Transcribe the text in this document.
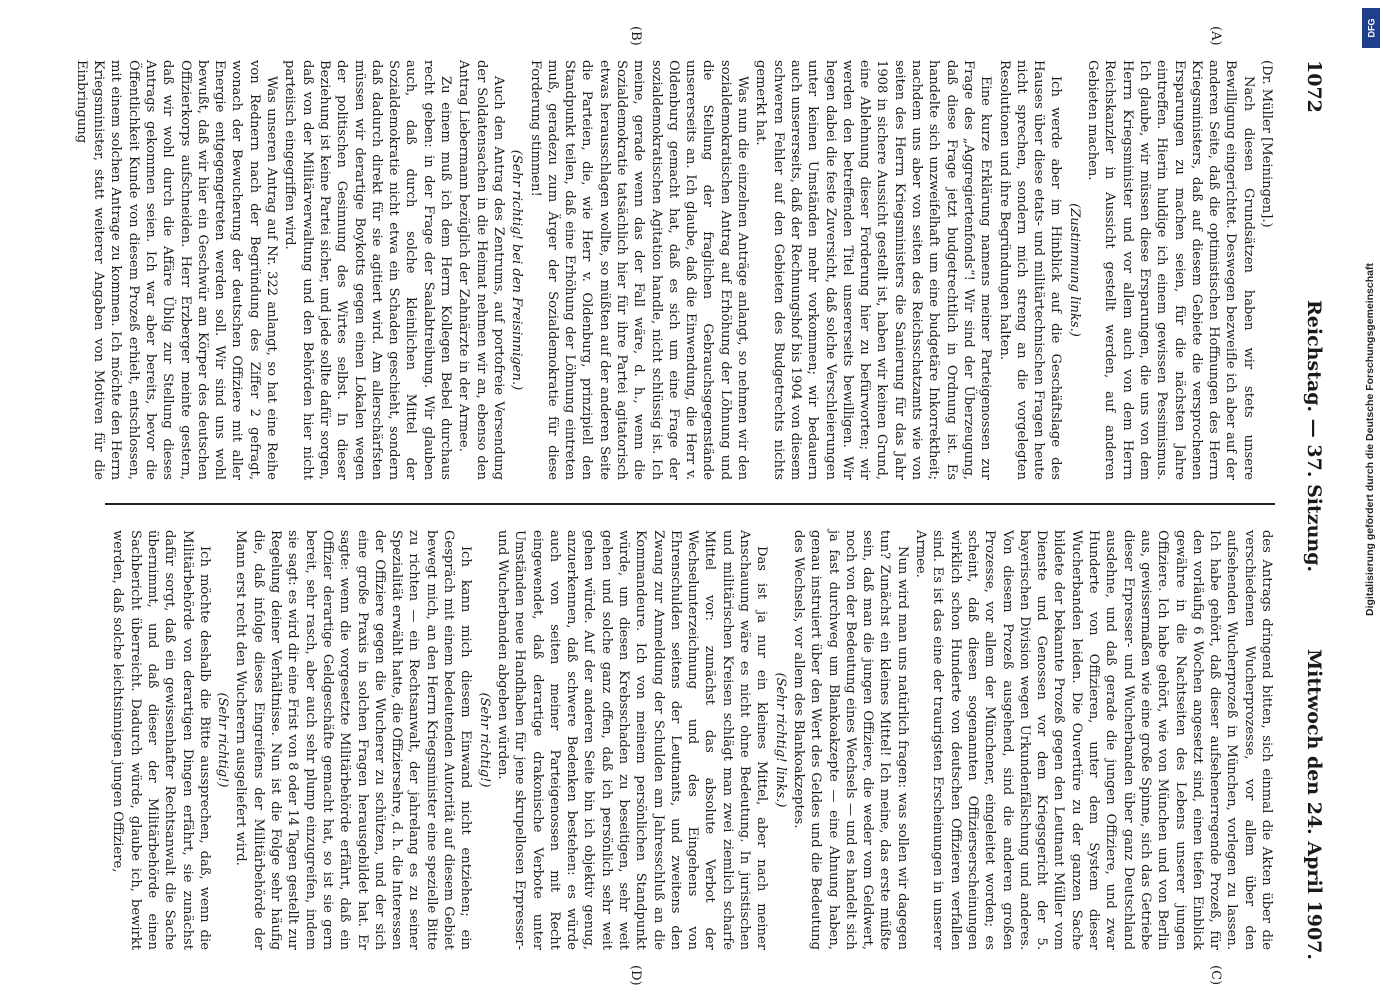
1072
Reichstag. — 37. Sitzung.
Mittwoch den 24. April 1907.
(A)
(B)
(C)
(D)

(Dr. Müller [Meiningen].)

Nach diesen Grundsätzen haben wir stets unsere Bewilligung eingerichtet. Deswegen bezweifle ich aber auf der anderen Seite, daß die optimistischen Hoffnungen des Herrn Kriegsministers, daß auf diesem Gebiete die versprochenen Ersparungen zu machen seien, für die nächsten Jahre eintreffen. Hierin huldige ich einem gewissen Pessimismus. Ich glaube, wir müssen diese Ersparungen, die uns von dem Herrn Kriegsminister und vor allem auch von dem Herrn Reichskanzler in Aussicht gestellt werden, auf anderen Gebieten machen.

(Zustimmung links.)

Ich werde aber im Hinblick auf die Geschäftslage des Hauses über diese etats- und militärtechnischen Fragen heute nicht sprechen, sondern mich streng an die vorgelegten Resolutionen und ihre Begründungen halten.

Eine kurze Erklärung namens meiner Parteigenossen zur Frage des „Aggregiertenfonds“! Wir sind der Überzeugung, daß diese Frage jetzt budgetrechtlich in Ordnung ist. Es handelte sich unzweifelhaft um eine budgetäre Inkorrektheit; nachdem uns aber von seiten des Reichsschatzamts wie von seiten des Herrn Kriegsministers die Sanierung für das Jahr 1908 in sichere Aussicht gestellt ist, haben wir keinen Grund, eine Ablehnung dieser Forderung hier zu befürworten; wir werden den betreffenden Titel unsererseits bewilligen. Wir hegen dabei die feste Zuversicht, daß solche Verschleierungen unter keinen Umständen mehr vorkommen; wir bedauern auch unsererseits, daß der Rechnungshof bis 1904 von diesem schweren Fehler auf den Gebieten des Budgetrechts nichts gemerkt hat.

Was nun die einzelnen Anträge anlangt, so nehmen wir den sozialdemokratischen Antrag auf Erhöhung der Löhnung und die Stellung der fraglichen Gebrauchsgegenstände unsererseits an. Ich glaube, daß die Einwendung, die Herr v. Oldenburg gemacht hat, daß es sich um eine Frage der sozialdemokratischen Agitation handle, nicht schlüssig ist. Ich meine, gerade wenn das der Fall wäre, d. h., wenn die Sozialdemokratie tatsächlich hier für ihre Partei agitatorisch etwas herausschlagen wollte, so müßten auf der anderen Seite die Parteien, die, wie Herr v. Oldenburg, prinzipiell den Standpunkt teilen, daß eine Erhöhung der Löhnung eintreten muß, geradezu zum Ärger der Sozialdemokratie für diese Forderung stimmen!

(Sehr richtig! bei den Freisinnigen.)

Auch den Antrag des Zentrums, auf portofreie Versendung der Soldatensachen in die Heimat nehmen wir an, ebenso den Antrag Liebermann bezüglich der Zahnärzte in der Armee.

Zu einem muß ich dem Herrn Kollegen Bebel durchaus recht geben: in der Frage der Saalabtreibung. Wir glauben auch, daß durch solche kleinlichen Mittel der Sozialdemokratie nicht etwa ein Schaden geschieht, sondern daß dadurch direkt für sie agitiert wird. Am allerschärfsten müssen wir derartige Boykotts gegen einen Lokalen wegen der politischen Gesinnung des Wirtes selbst. In dieser Beziehung ist keine Partei sicher, und jede sollte dafür sorgen, daß von der Militärverwaltung und den Behörden hier nicht parteiisch eingegriffen wird.

Was unseren Antrag auf Nr. 322 anlangt, so hat eine Reihe von Rednern nach der Begründung des Ziffer 2 gefragt, wonach der Bewucherung der deutschen Offiziere mit aller Energie entgegengetreten werden soll. Wir sind uns wohl bewußt, daß wir hier ein Geschwür am Körper des deutschen Offizierkorps aufschneiden. Herr Erzberger meinte gestern, daß wir wohl durch die Affäre Üblig zur Stellung dieses Antrags gekommen seien. Ich war aber bereits, bevor die Öffentlichkeit Kunde von diesem Prozeß erhielt, entschlossen, mit einem solchen Antrage zu kommen. Ich möchte den Herrn Kriegsminister, statt weiterer Angaben von Motiven für die Einbringung

des Antrags dringend bitten, sich einmal die Akten über die verschiedenen Wucherprozesse, vor allem über den aufsehenden Wucherprozeß in München, vorlegen zu lassen. Ich habe gehört, daß dieser aufsehenerregende Prozeß, für den vorläufig 6 Wochen angesetzt sind, einen tiefen Einblick gewähre in die Nachtseiten des Lebens unserer jungen Offiziere. Ich habe gehört, wie von München und von Berlin aus, gewissermaßen wie eine große Spinne, sich das Getriebe dieser Erpresser- und Wucherbanden über ganz Deutschland ausdehne, und daß gerade die jungen Offiziere, und zwar Hunderte von Offizieren, unter dem System dieser Wucherbanden leiden. Die Ouvertüre zu der ganzen Sache bildete der bekannte Prozeß gegen den Leutnant Müller vom Dienste und Genossen vor dem Kriegsgericht der 5. bayerischen Division wegen Urkundenfälschung und anderes. Von diesem Prozeß ausgehend, sind die anderen großen Prozesse, vor allem der Münchener, eingeleitet worden; es scheint, daß diesen sogenannten Offizierserscheinungen wirklich schon Hunderte von deutschen Offizieren verfallen sind. Es ist das eine der traurigsten Erscheinungen in unserer Armee.

Nun wird man uns natürlich fragen: was sollen wir dagegen tun? Zunächst ein kleines Mittel! Ich meine, das erste müßte sein, daß man die jungen Offiziere, die weder vom Geldwert, noch von der Bedeutung eines Wechsels — und es handelt sich ja fast durchweg um Blankoakzepte — eine Ahnung haben, genau instruiert über den Wert des Geldes und die Bedeutung des Wechsels, vor allem des Blankoakzeptes.

(Sehr richtig! links.)

Das ist ja nur ein kleines Mittel, aber nach meiner Anschauung wäre es nicht ohne Bedeutung. In juristischen und militärischen Kreisen schlägt man zwei ziemlich scharfe Mittel vor: zunächst das absolute Verbot der Wechselunterzeichnung und des Eingehens von Ehrenschulden seitens der Leutnants, und zweitens den Zwang zur Anmeldung der Schulden am Jahresschluß an die Kommandeure. Ich von meinem persönlichen Standpunkt würde, um diesen Krebsschaden zu beseitigen, sehr weit gehen und solche ganz offen, daß ich persönlich sehr weit gehen würde. Auf der anderen Seite bin ich objektiv genug, anzuerkennen, daß schwere Bedenken bestehen: es würde auch von seiten meiner Parteigenossen mit Recht eingewendet, daß derartige drakonische Verbote unter Umständen neue Handhaben für jene skrupellosen Erpresser- und Wucherbanden abgeben würden.

(Sehr richtig!)

Ich kann mich diesem Einwand nicht entziehen; ein Gespräch mit einem bedeutenden Autorität auf diesem Gebiet bewegt mich, an den Herrn Kriegsminister eine spezielle Bitte zu richten — ein Rechtsanwalt, der jahrelang es zu seiner Spezialität erwählt hatte, die Offiziersehre, d. h. die Interessen der Offiziere gegen die Wucherer zu schützen, und der sich eine große Praxis in solchen Fragen herausgebildet hat. Er sagte: wenn die vorgesetzte Militärbehörde erfährt, daß ein Offizier derartige Geldgeschäfte gemacht hat, so ist sie gern bereit, sehr rasch, aber auch sehr plump einzugreifen, indem sie sagt: es wird dir eine Frist von 8 oder 14 Tagen gestellt zur Regelung deiner Verhältnisse. Nun ist die Folge sehr häufig die, daß infolge dieses Eingreifens der Militärbehörde der Mann erst recht den Wucherern ausgeliefert wird.

(Sehr richtig!)

Ich möchte deshalb die Bitte aussprechen, daß, wenn die Militärbehörde von derartigen Dingen erfährt, sie zunächst dafür sorgt, daß ein gewissenhafter Rechtsanwalt die Sache übernimmt, und daß dieser der Militärbehörde einen Sachbericht überreicht. Dadurch würde, glaube ich, bewirkt werden, daß solche leichtsinnigen jungen Offiziere,

DFG
Digitalisierung gefördert durch die Deutsche Forschungsgemeinschaft
